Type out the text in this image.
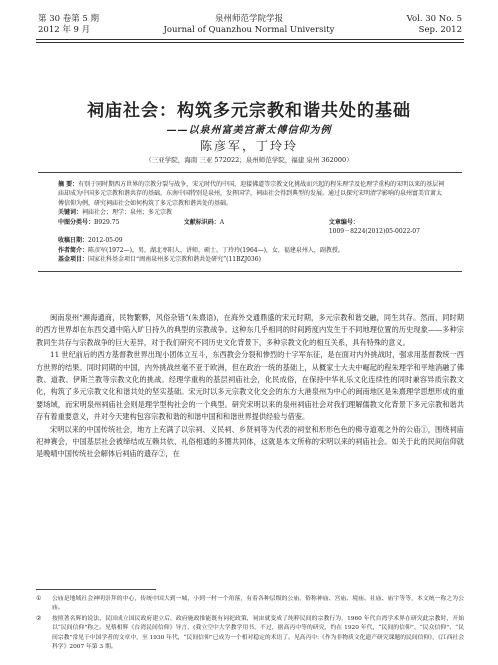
第 30 卷第 5 期
2012 年 9 月
泉州师范学院学报
Journal of Quanzhou Normal University
Vol. 30 No. 5
Sep. 2012
祠庙社会：构筑多元宗教和谐共处的基础
——以泉州富美宫萧太傅信仰为例
陈彦军，丁玲玲
（三亚学院，海南 三亚 572022；泉州师范学院，福建 泉州 362000）

摘 要：有别于同时期西方世界的宗教分裂与战争，宋元时代的中国，迎接佛道等宗教文化挑战而兴起的程朱理学及伦理学重构的宋明以来的基层祠庙却成为中国多元宗教和谐共存的基础。东南中国特别是泉州，发挥国学，祠庙社会得到典型的发展。通过以探究宋明清学影响的泉州富美宫萧太傅信仰为例，研究祠庙社会如何构筑了多元宗教和谐共处的基础。

关键词：祠庙社会；理学；泉州；多元宗教

中图分类号：B929.75	文献标识码：A	文章编号：1009－8224(2012)05-0022-07

收稿日期：2012-05-09

作者简介：陈彦军(1972—)，男，湖北枣阳人，讲师，硕士。丁玲玲(1964—)，女，福建泉州人，副教授。

基金项目：国家社科基金项目“闽南泉州多元宗教和谐共处研究”(11BZJ036)

闽南泉州“濒海通商，民物繁夥，风俗杂错”(朱熹语)，在海外交通鼎盛的宋元时期，多元宗教和谐交融，同生共存。然而，同时期的西方世界却在东西交通中陷入旷日持久的典型的宗教战争。这种东几乎相同的时间跨度内发生于不同地理位置的历史现象——多种宗教同生共存与宗教战争的巨大差异，对于我们研究不同历史文化背景下，多种宗教文化的相互关系，具有特殊的意义。

11 世纪前后的西方基督教世界出现小团体立互斗，东西教会分裂和惨烈的十字军东征，是在面对内外挑战时，强求用基督教统一西方世界的结果。同时同期的中国，内外挑战丝毫不亚于欧洲，但在政治一统的基础上，从概家士大夫中崛起的程朱理学和平地消融了佛教、道教、伊斯兰教等宗教文化的挑战。经理学重构的基层祠庙社会，化民成俗，在保持中华礼乐文化连续性的同时兼容异质宗教文化，构筑了多元宗教文化和谐共处的坚实基础。宋元时以多元宗教文化交会的东方大港泉州为中心的闽南地区是朱熹理学思想形成的重要场域，而宋明泉州祠庙社会则是理学型构社会的一个典型。研究宋明以来的泉州祠庙社会对我们理解儒教文化背景下多元宗教和谐共存有着重要意义，并对今天建构包容宗教和谐的和谐中国和和谐世界提供经验与借鉴。

宋明以来的中国传统社会，地方上充满了以宗祠、义民祠、乡贤祠等为代表的祠堂和形形色色的佛寺道观之外的公庙①，围绕祠庙祀神赛会，中国基层社会被缔结成互赖共依、礼俗相通的多圈共同体，这就是本文所称的宋明以来的祠庙社会。如关于此的民间信仰就是晚晴中国传统社会解体后祠庙的遗存②，在

①	公庙是地域社会神明崇拜的中心，传统中国大到一城，小到一村一个角落，有着各种层级的公庙，俗称神庙、宫庙、境庙、社庙、庙宇等等，本文统一称之为公庙。
②	按照著名辉的说法，民国成立国民政府建立后，政府施政推能既有祠祀政策，祠宙就变成了纯粹民间的宗教行为，1960 年代台湾学术界在研究此宗教时，开始以“民间信仰”称之。见蔡相辉《台湾民间信仰》导言，(我立空中大学教学用书，不过，据高丙中等的研究，约在 1920 年代，“民间的信仰”、“民众信仰”、“民间宗教”常见于中国学者的文章中，至 1930 年代，“民间信仰”已成为一个相对稳定的术语了。见高丙中:《作为非物质文化遗产研究课题的民间信仰》，《江西社会科学》2007 年第 3 期。
